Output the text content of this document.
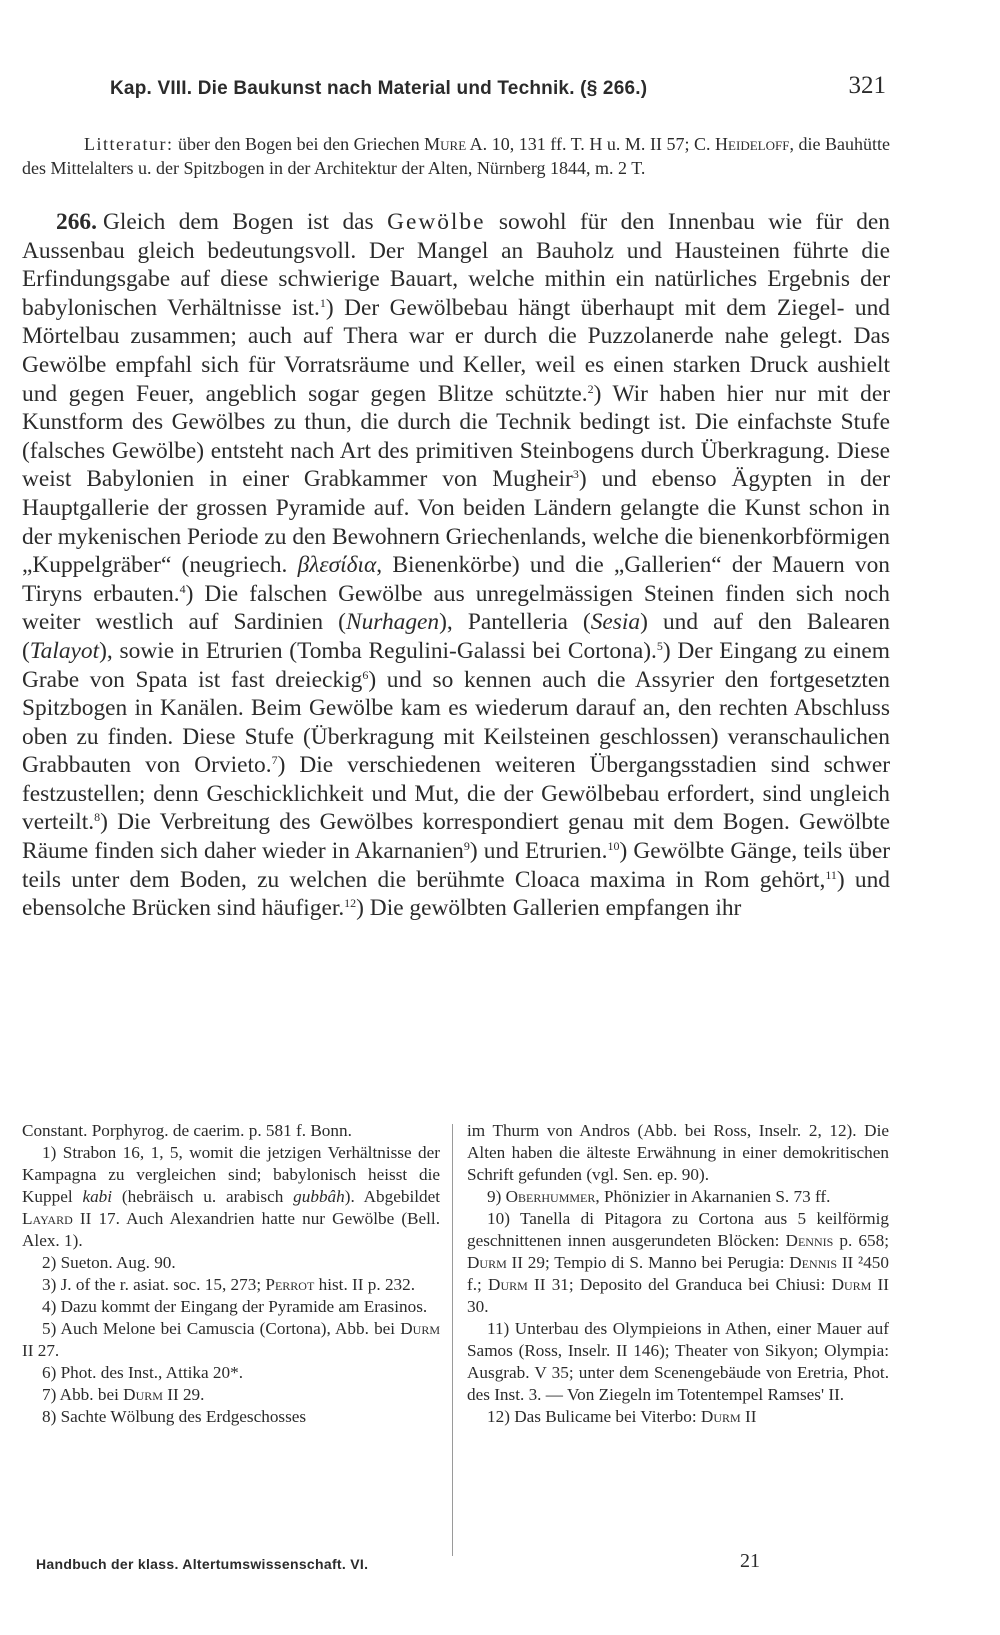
Kap. VIII. Die Baukunst nach Material und Technik. (§ 266.)	321

Litteratur: über den Bogen bei den Griechen Mure A. 10, 131 ff. T. H u. M. II 57; C. Heideloff, die Bauhütte des Mittelalters u. der Spitzbogen in der Architektur der Alten, Nürnberg 1844, m. 2 T.

266. Gleich dem Bogen ist das Gewölbe sowohl für den Innenbau wie für den Aussenbau gleich bedeutungsvoll. Der Mangel an Bauholz und Hausteinen führte die Erfindungsgabe auf diese schwierige Bauart, welche mithin ein natürliches Ergebnis der babylonischen Verhältnisse ist.$^1$) Der Gewölbebau hängt überhaupt mit dem Ziegel- und Mörtelbau zusammen; auch auf Thera war er durch die Puzzolanerde nahe gelegt. Das Gewölbe empfahl sich für Vorratsräume und Keller, weil es einen starken Druck aushielt und gegen Feuer, angeblich sogar gegen Blitze schützte.$^2$) Wir haben hier nur mit der Kunstform des Gewölbes zu thun, die durch die Technik bedingt ist. Die einfachste Stufe (falsches Gewölbe) entsteht nach Art des primitiven Steinbogens durch Überkragung. Diese weist Babylonien in einer Grabkammer von Mugheir$^3$) und ebenso Ägypten in der Hauptgallerie der grossen Pyramide auf. Von beiden Ländern gelangte die Kunst schon in der mykenischen Periode zu den Bewohnern Griechenlands, welche die bienenkorbförmigen „Kuppelgräber“ (neugriech. βλεσίδια, Bienenkörbe) und die „Gallerien“ der Mauern von Tiryns erbauten.$^4$) Die falschen Gewölbe aus unregelmässigen Steinen finden sich noch weiter westlich auf Sardinien (Nurhagen), Pantelleria (Sesia) und auf den Balearen (Talayot), sowie in Etrurien (Tomba Regulini-Galassi bei Cortona).$^5$) Der Eingang zu einem Grabe von Spata ist fast dreieckig$^6$) und so kennen auch die Assyrier den fortgesetzten Spitzbogen in Kanälen. Beim Gewölbe kam es wiederum darauf an, den rechten Abschluss oben zu finden. Diese Stufe (Überkragung mit Keilsteinen geschlossen) veranschaulichen Grabbauten von Orvieto.$^7$) Die verschiedenen weiteren Übergangsstadien sind schwer festzustellen; denn Geschicklichkeit und Mut, die der Gewölbebau erfordert, sind ungleich verteilt.$^8$) Die Verbreitung des Gewölbes korrespondiert genau mit dem Bogen. Gewölbte Räume finden sich daher wieder in Akarnanien$^9$) und Etrurien.$^{10}$) Gewölbte Gänge, teils über teils unter dem Boden, zu welchen die berühmte Cloaca maxima in Rom gehört,$^{11}$) und ebensolche Brücken sind häufiger.$^{12}$) Die gewölbten Gallerien empfangen ihr

Constant. Porphyrog. de caerim. p. 581 f. Bonn.

1) Strabon 16, 1, 5, womit die jetzigen Verhältnisse der Kampagna zu vergleichen sind; babylonisch heisst die Kuppel kabi (hebräisch u. arabisch gubbâh). Abgebildet Layard II 17. Auch Alexandrien hatte nur Gewölbe (Bell. Alex. 1).

2) Sueton. Aug. 90.

3) J. of the r. asiat. soc. 15, 273; Perrot hist. II p. 232.

4) Dazu kommt der Eingang der Pyramide am Erasinos.

5) Auch Melone bei Camuscia (Cortona), Abb. bei Durm II 27.

6) Phot. des Inst., Attika 20*.

7) Abb. bei Durm II 29.

8) Sachte Wölbung des Erdgeschosses

im Thurm von Andros (Abb. bei Ross, Inselr. 2, 12). Die Alten haben die älteste Erwähnung in einer demokritischen Schrift gefunden (vgl. Sen. ep. 90).

9) Oberhummer, Phönizier in Akarnanien S. 73 ff.

10) Tanella di Pitagora zu Cortona aus 5 keilförmig geschnittenen innen ausgerundeten Blöcken: Dennis p. 658; Durm II 29; Tempio di S. Manno bei Perugia: Dennis II ²450 f.; Durm II 31; Deposito del Granduca bei Chiusi: Durm II 30.

11) Unterbau des Olympieions in Athen, einer Mauer auf Samos (Ross, Inselr. II 146); Theater von Sikyon; Olympia: Ausgrab. V 35; unter dem Scenengebäude von Eretria, Phot. des Inst. 3. — Von Ziegeln im Totentempel Ramses' II.

12) Das Bulicame bei Viterbo: Durm II

Handbuch der klass. Altertumswissenschaft. VI.	21
